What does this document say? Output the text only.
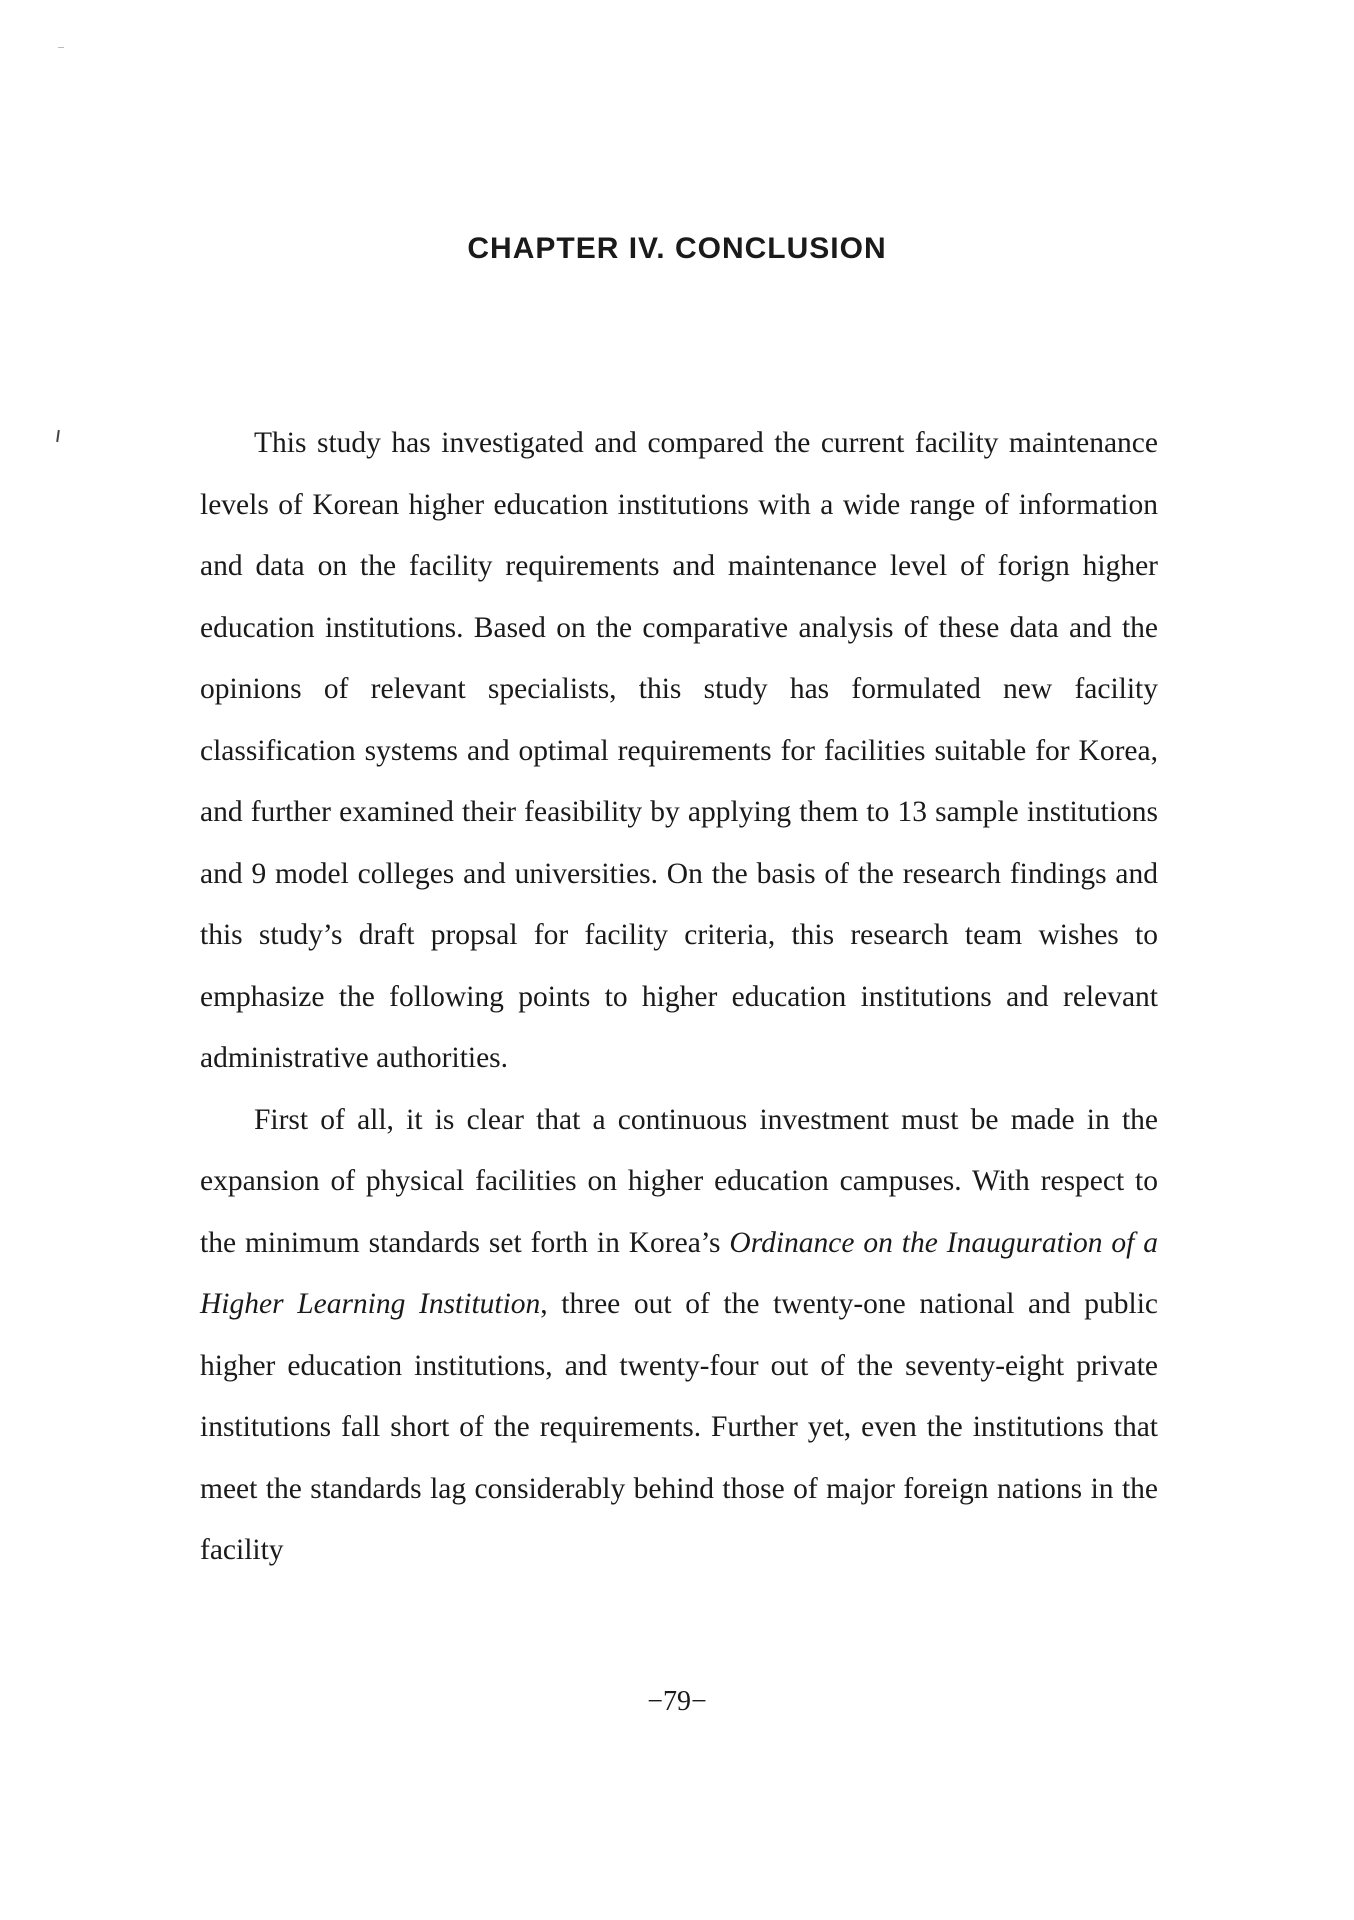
CHAPTER IV. CONCLUSION

This study has investigated and compared the current facility maintenance levels of Korean higher education institutions with a wide range of information and data on the facility requirements and maintenance level of forign higher education institutions. Based on the comparative analysis of these data and the opinions of relevant specialists, this study has formulated new facility classification systems and optimal requirements for facilities suitable for Korea, and further examined their feasibility by applying them to 13 sample institutions and 9 model colleges and universities. On the basis of the research findings and this study’s draft propsal for facility criteria, this research team wishes to emphasize the following points to higher education institutions and relevant administrative authorities.

First of all, it is clear that a continuous investment must be made in the expansion of physical facilities on higher education campuses. With respect to the minimum standards set forth in Korea’s Ordinance on the Inauguration of a Higher Learning Institution, three out of the twenty-one national and public higher education institutions, and twenty-four out of the seventy-eight private institutions fall short of the requirements. Further yet, even the institutions that meet the standards lag considerably behind those of major foreign nations in the facility

−79−
